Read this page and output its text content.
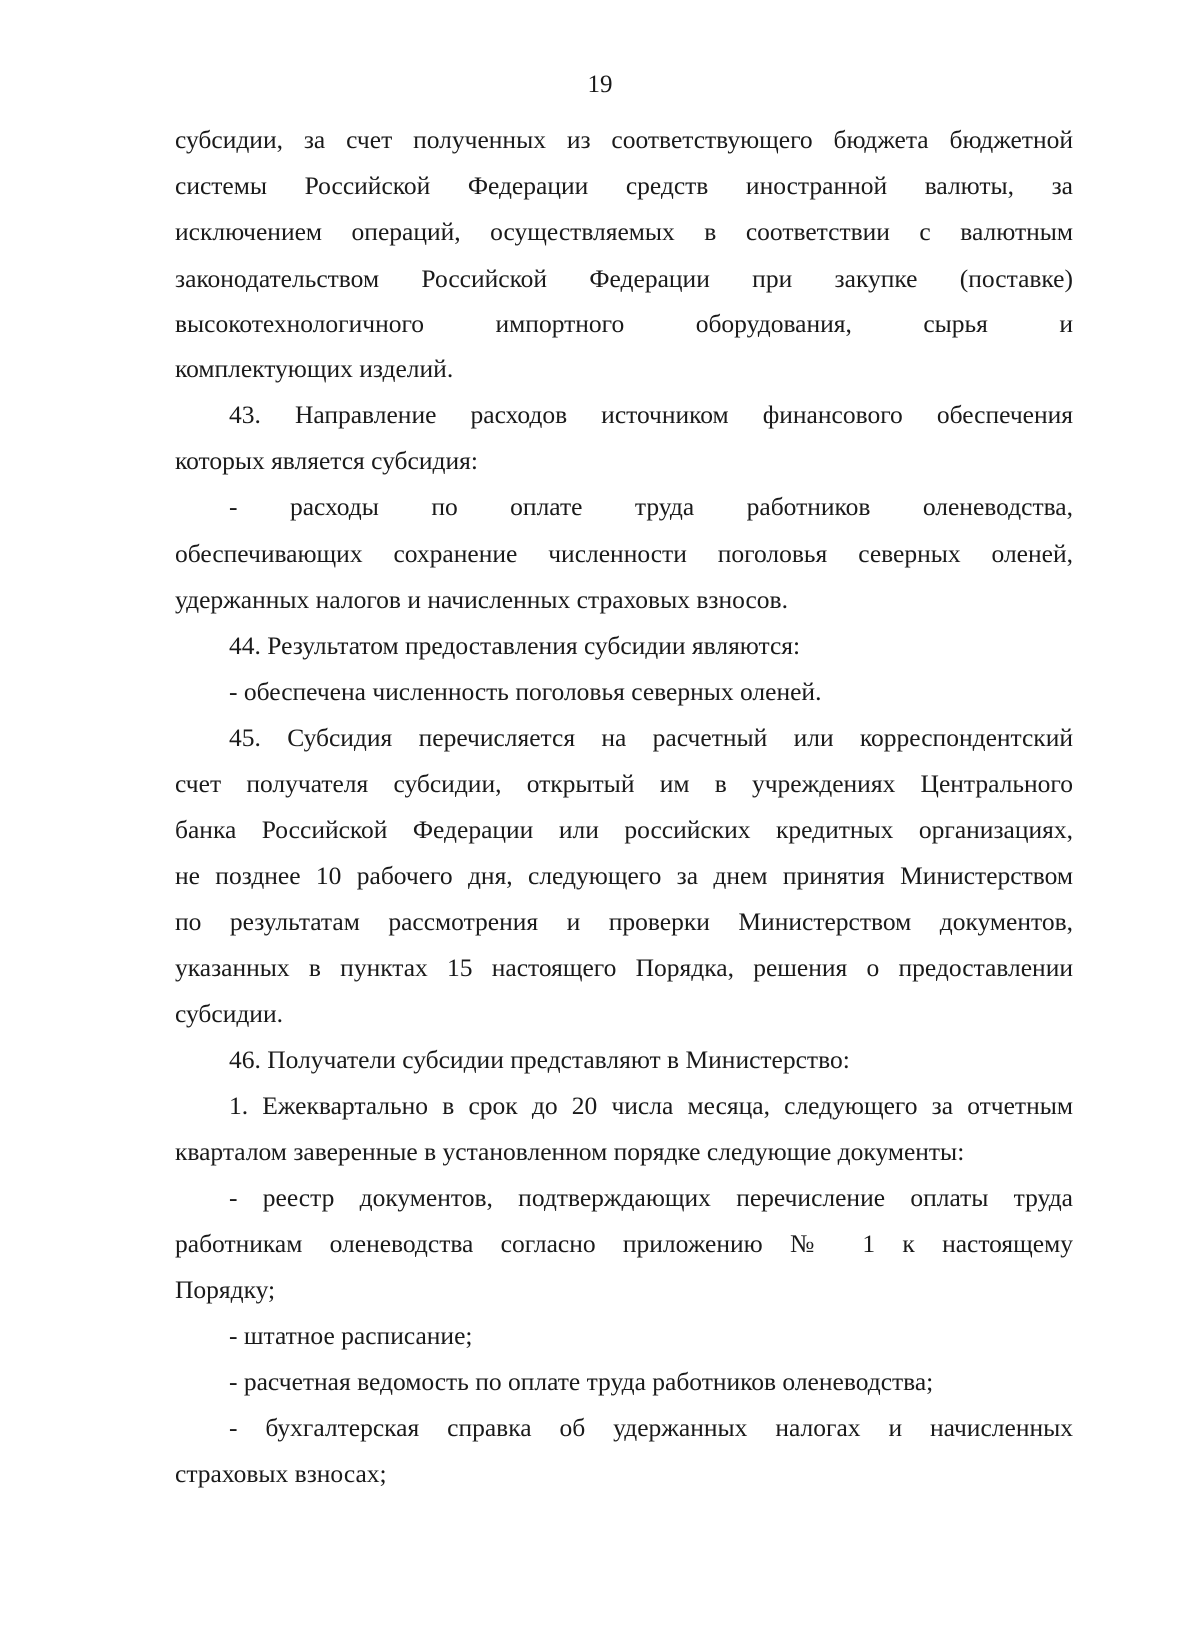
19
субсидии, за счет полученных из соответствующего бюджета бюджетной
системы Российской Федерации средств иностранной валюты, за
исключением операций, осуществляемых в соответствии с валютным
законодательством Российской Федерации при закупке (поставке)
высокотехнологичного импортного оборудования, сырья и
комплектующих изделий.
43. Направление расходов источником финансового обеспечения
которых является субсидия:
- расходы по оплате труда работников оленеводства,
обеспечивающих сохранение численности поголовья северных оленей,
удержанных налогов и начисленных страховых взносов.
44. Результатом предоставления субсидии являются:
- обеспечена численность поголовья северных оленей.
45. Субсидия перечисляется на расчетный или корреспондентский
счет получателя субсидии, открытый им в учреждениях Центрального
банка Российской Федерации или российских кредитных организациях,
не позднее 10 рабочего дня, следующего за днем принятия Министерством
по результатам рассмотрения и проверки Министерством документов,
указанных в пунктах 15 настоящего Порядка, решения о предоставлении
субсидии.
46. Получатели субсидии представляют в Министерство:
1. Ежеквартально в срок до 20 числа месяца, следующего за отчетным
кварталом заверенные в установленном порядке следующие документы:
- реестр документов, подтверждающих перечисление оплаты труда
работникам оленеводства согласно приложению № 1 к настоящему
Порядку;
- штатное расписание;
- расчетная ведомость по оплате труда работников оленеводства;
- бухгалтерская справка об удержанных налогах и начисленных
страховых взносах;
